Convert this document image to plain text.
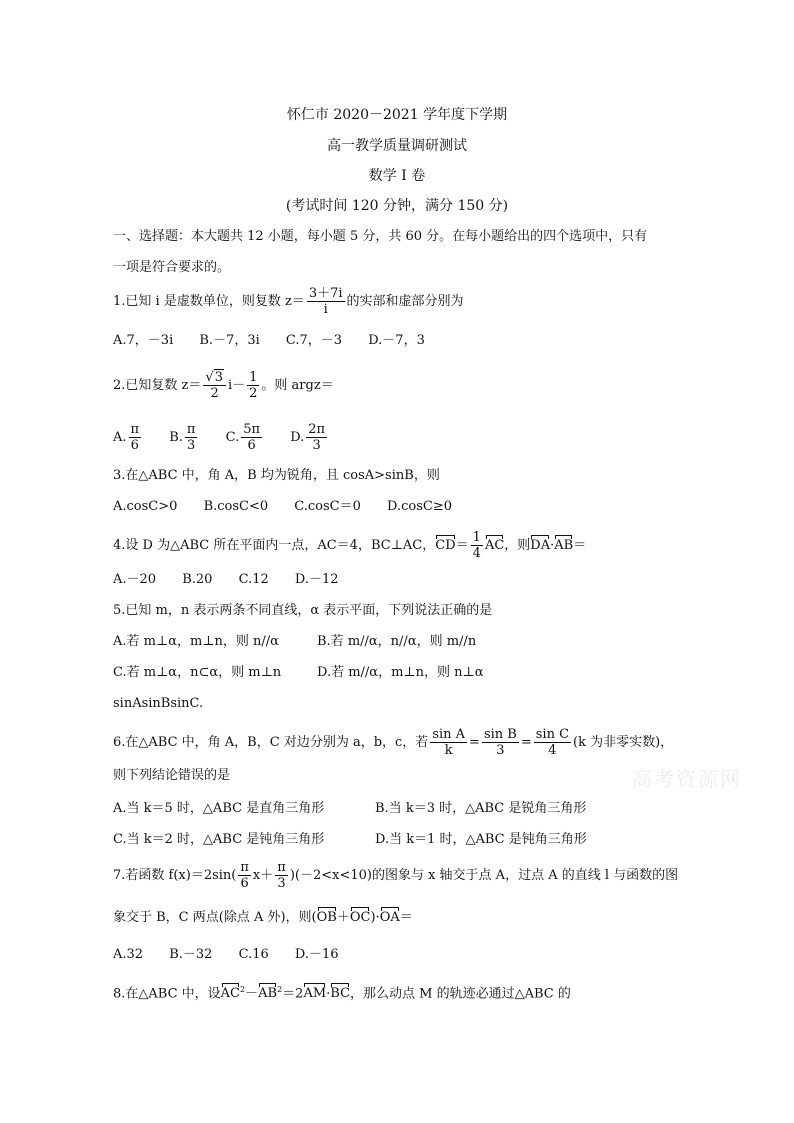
怀仁市 2020－2021 学年度下学期
高一教学质量调研测试
数学 I 卷
(考试时间 120 分钟，满分 150 分)
一、选择题：本大题共 12 小题，每小题 5 分，共 60 分。在每小题给出的四个选项中，只有
一项是符合要求的。
1.已知 i 是虚数单位，则复数 $z= \frac{3+7i}{i}$ 的实部和虚部分别为
A.7，－3i B.－7，3i C.7，－3 D.－7，3
2.已知复数 $z= \frac{√3}{2} i- \frac{1}{2}$ 。则 argz＝
A. $\frac{\pi}{6} B$. $\frac{\pi}{3} C$. $\frac{5\pi}{6} D$. $\frac{2\pi}{3}$
3.在△ABC 中，角 A，B 均为锐角，且 cosA>sinB，则
A.cosC>0 B.cosC<0 C.cosC＝0 D.cosC≥0
4.设 D 为△ABC 所在平面内一点，AC＝4，BC⊥AC，$CD= \frac{1}{4}$ AC，则DA·AB＝
A.－20 B.20 C.12 D.－12
5.已知 m，n 表示两条不同直线，α 表示平面，下列说法正确的是
A.若 m⊥α，m⊥n，则 n//α	B.若 m//α，n//α，则 m//n
C.若 m⊥α，n⊂α，则 m⊥n	D.若 m//α，m⊥n，则 n⊥α
sinAsinBsinC.
6.在△ABC 中，角 A，B，C 对边分别为 a，b，c，若 $\frac{\text{sin A}}{k} = \frac{\text{sin B}}{3} = \frac{\text{sin C}}{4} (k$ 为非零实数)，
则下列结论错误的是
A.当 k＝5 时，△ABC 是直角三角形	B.当 k＝3 时，△ABC 是锐角三角形
C.当 k＝2 时，△ABC 是钝角三角形	D.当 k＝1 时，△ABC 是钝角三角形
7.若函数 $f(x)=2\sin( \frac{\pi}{6} x+ \frac{\pi}{3} )(-2<x<10)$的图象与 x 轴交于点 A，过点 A 的直线 l 与函数的图
象交于 B，C 两点(除点 A 外)，则(OB＋OC)·OA＝
A.32 B.－32 C.16 D.－16
8.在△ABC 中，设$AC^2-AB^2=2AM\cdot BC$，那么动点 M 的轨迹必通过△ABC 的
高考资源网
